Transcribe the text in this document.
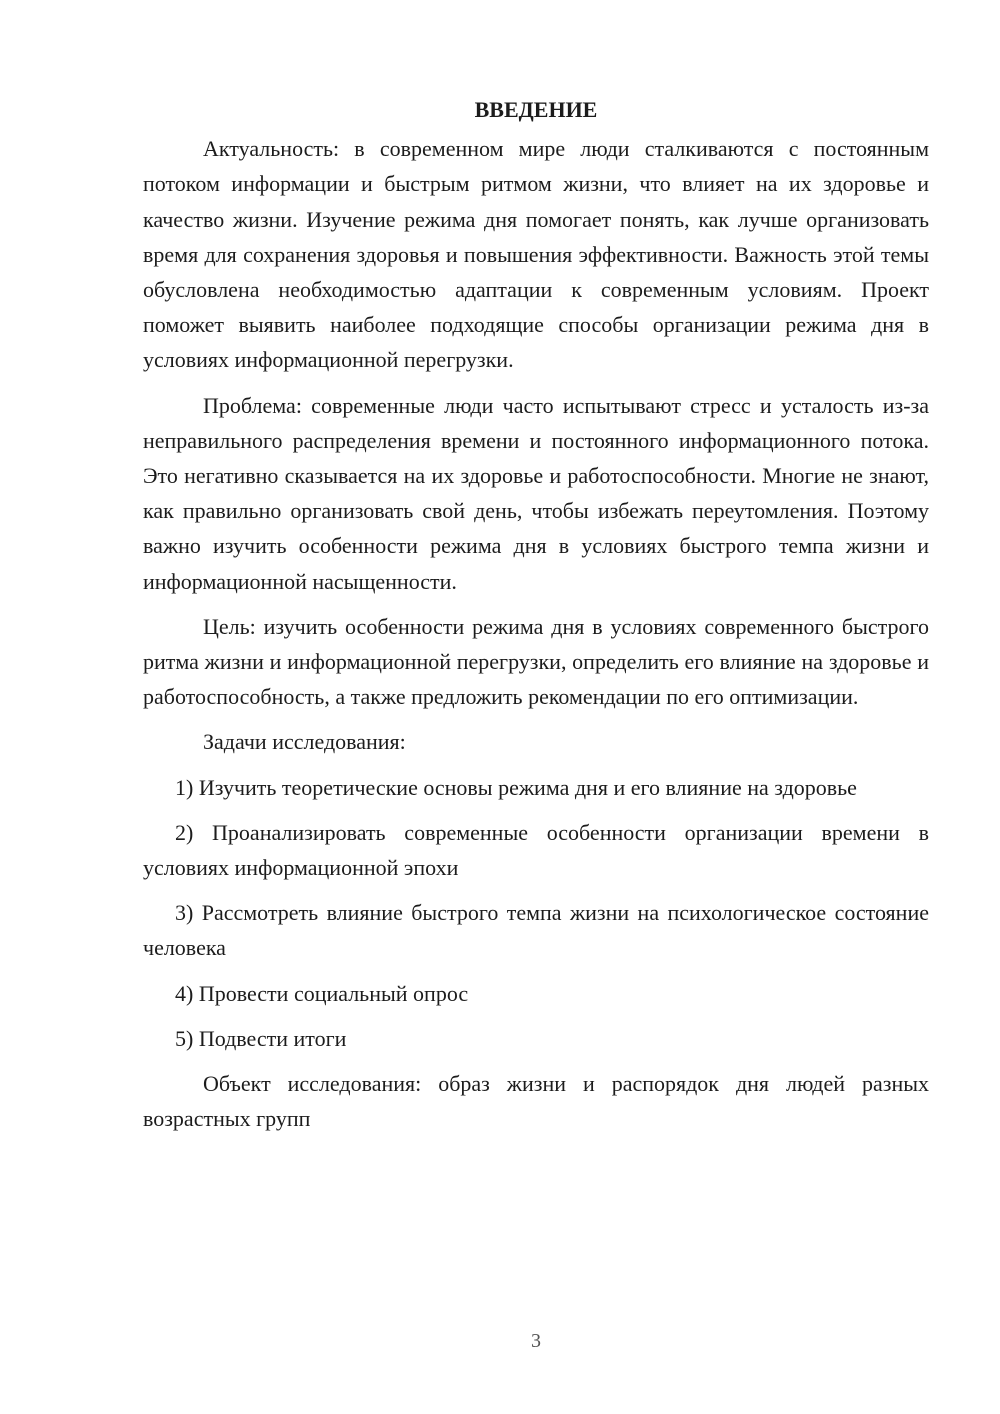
ВВЕДЕНИЕ

Актуальность: в современном мире люди сталкиваются с постоянным потоком информации и быстрым ритмом жизни, что влияет на их здоровье и качество жизни. Изучение режима дня помогает понять, как лучше организовать время для сохранения здоровья и повышения эффективности. Важность этой темы обусловлена необходимостью адаптации к современным условиям. Проект поможет выявить наиболее подходящие способы организации режима дня в условиях информационной перегрузки.

Проблема: современные люди часто испытывают стресс и усталость из-за неправильного распределения времени и постоянного информационного потока. Это негативно сказывается на их здоровье и работоспособности. Многие не знают, как правильно организовать свой день, чтобы избежать переутомления. Поэтому важно изучить особенности режима дня в условиях быстрого темпа жизни и информационной насыщенности.

Цель: изучить особенности режима дня в условиях современного быстрого ритма жизни и информационной перегрузки, определить его влияние на здоровье и работоспособность, а также предложить рекомендации по его оптимизации.

Задачи исследования:

1) Изучить теоретические основы режима дня и его влияние на здоровье

2) Проанализировать современные особенности организации времени в условиях информационной эпохи

3) Рассмотреть влияние быстрого темпа жизни на психологическое состояние человека

4) Провести социальный опрос

5) Подвести итоги

Объект исследования: образ жизни и распорядок дня людей разных возрастных групп

3
